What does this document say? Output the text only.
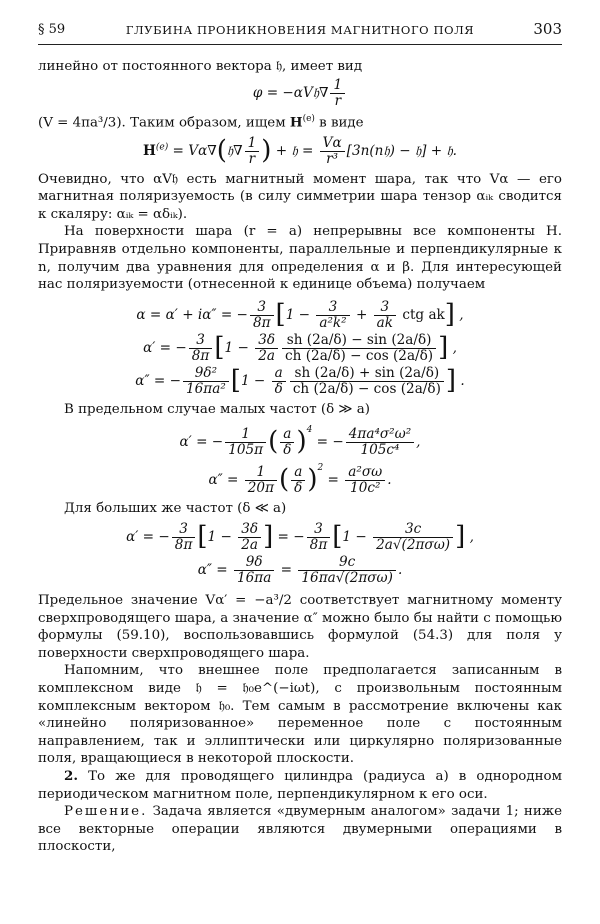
§ 59	ГЛУБИНА ПРОНИКНОВЕНИЯ МАГНИТНОГО ПОЛЯ	303

линейно от постоянного вектора 𝔥, имеет вид

φ = −αV𝔥∇ $\frac{1}{r}$

(V = 4πa³/3). Таким образом, ищем $H^{(e)}$ в виде

$H^{(e)}$ = Vα∇(𝔥∇ $\frac{1}{r}$ ) + 𝔥 = $\frac{V\alpha}{\text{r³}}$ [3n(n𝔥) − 𝔥] + 𝔥.

Очевидно, что αV𝔥 есть магнитный момент шара, так что Vα — его магнитная поляризуемость (в силу симметрии шара тензор αᵢₖ сводится к скаляру: αᵢₖ = αδᵢₖ).

На поверхности шара (r = a) непрерывны все компоненты H. Приравняв отдельно компоненты, параллельные и перпендикулярные к n, получим два уравнения для определения α и β. Для интересующей нас поляризуемости (отнесенной к единице объема) получаем

α = α′ + iα″ = − $\frac{3}{8\pi} [1 - \frac{3}{\text{a²k²}} + \frac{3}{ak}$ ctg ak] ,
α′ = − $\frac{3}{8\pi} [1 - \frac{3\delta}{2a} \frac{sh (2a/\delta) - \sin (2a/\delta)}{ch (2a/\delta) - \cos (2a/\delta)}$ ] ,
α″ = − $\frac{\text{9δ²}}{\text{16πa²}} [1 - \frac{a}{\delta} \frac{sh (2a/\delta) + \sin (2a/\delta)}{ch (2a/\delta) - \cos (2a/\delta)}$ ] .

В предельном случае малых частот (δ ≫ a)

α′ = − $\frac{1}{105\pi}$ ( $\frac{a}{\delta} )^4$ = − $\frac{\text{4πa⁴σ²ω²}}{\text{105c⁴}}$ ,
$\alpha'' = \frac{1}{20\pi}$ ( $\frac{a}{\delta} )^2 = \frac{\text{a²σω}}{\text{10c²}}$ .

Для больших же частот (δ ≪ a)

α′ = − $\frac{3}{8\pi} [1 - \frac{3\delta}{2a}$ ] = − $\frac{3}{8\pi} [1 - \frac{3c}{\text{2a√(2πσω)}}$ ] ,
$\alpha'' = \frac{9\delta}{16\pi a} = \frac{9c}{\text{16πa√(2πσω)}}$ .

Предельное значение Vα′ = −a³/2 соответствует магнитному моменту сверхпроводящего шара, а значение α″ можно было бы найти с помощью формулы (59.10), воспользовавшись формулой (54.3) для поля у поверхности сверхпроводящего шара.

Напомним, что внешнее поле предполагается записанным в комплексном виде 𝔥 = 𝔥₀e^(−iωt), с произвольным постоянным комплексным вектором 𝔥₀. Тем самым в рассмотрение включены как «линейно поляризованное» переменное поле с постоянным направлением, так и эллиптически или циркулярно поляризованные поля, вращающиеся в некоторой плоскости.

2. То же для проводящего цилиндра (радиуса a) в однородном периодическом магнитном поле, перпендикулярном к его оси.

Решение. Задача является «двумерным аналогом» задачи 1; ниже все векторные операции являются двумерными операциями в плоскости,
